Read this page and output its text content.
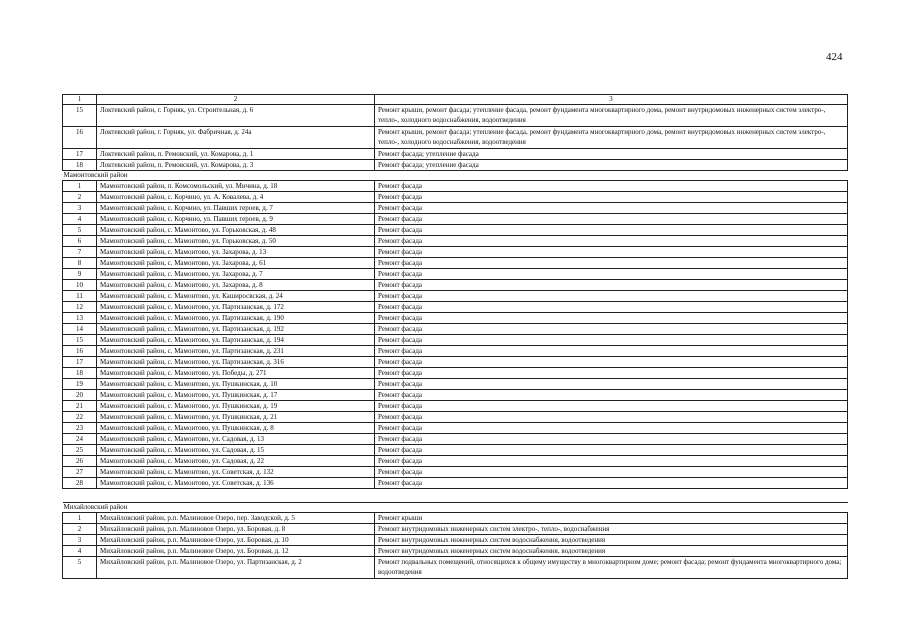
424
1	2	3
15	Локтевский район, г. Горняк, ул. Строительная, д. 6	Ремонт крыши, ремонт фасада; утепление фасада, ремонт фундамента многоквартирного дома, ремонт внутридомовых инженерных систем электро-, тепло-, холодного водоснабжения, водоотведения
16	Локтевский район, г. Горняк, ул. Фабричная, д. 24а	Ремонт крыши, ремонт фасада; утепление фасада, ремонт фундамента многоквартирного дома, ремонт внутридомовых инженерных систем электро-, тепло-, холодного водоснабжения, водоотведения
17	Локтевский район, п. Ремовский, ул. Комарова, д. 1	Ремонт фасада; утепление фасада
18	Локтевский район, п. Ремовский, ул. Комарова, д. 3	Ремонт фасада; утепление фасада
Мамонтовский район		
1	Мамонтовский район, п. Комсомольский, ул. Мичина, д. 18	Ремонт фасада
2	Мамонтовский район, с. Корчино, ул. А. Ковалева, д. 4	Ремонт фасада
3	Мамонтовский район, с. Корчино, ул. Павших героев, д. 7	Ремонт фасада
4	Мамонтовский район, с. Корчино, ул. Павших героев, д. 9	Ремонт фасада
5	Мамонтовский район, с. Мамонтово, ул. Горьковская, д. 48	Ремонт фасада
6	Мамонтовский район, с. Мамонтово, ул. Горьковская, д. 50	Ремонт фасада
7	Мамонтовский район, с. Мамонтово, ул. Захарова, д. 13	Ремонт фасада
8	Мамонтовский район, с. Мамонтово, ул. Захарова, д. 61	Ремонт фасада
9	Мамонтовский район, с. Мамонтово, ул. Захарова, д. 7	Ремонт фасада
10	Мамонтовский район, с. Мамонтово, ул. Захарова, д. 8	Ремонт фасада
11	Мамонтовский район, с. Мамонтово, ул. Каширосвская, д. 24	Ремонт фасада
12	Мамонтовский район, с. Мамонтово, ул. Партизанская, д. 172	Ремонт фасада
13	Мамонтовский район, с. Мамонтово, ул. Партизанская, д. 190	Ремонт фасада
14	Мамонтовский район, с. Мамонтово, ул. Партизанская, д. 192	Ремонт фасада
15	Мамонтовский район, с. Мамонтово, ул. Партизанская, д. 194	Ремонт фасада
16	Мамонтовский район, с. Мамонтово, ул. Партизанская, д. 231	Ремонт фасада
17	Мамонтовский район, с. Мамонтово, ул. Партизанская, д. 316	Ремонт фасада
18	Мамонтовский район, с. Мамонтово, ул. Победы, д. 271	Ремонт фасада
19	Мамонтовский район, с. Мамонтово, ул. Пушкинская, д. 10	Ремонт фасада
20	Мамонтовский район, с. Мамонтово, ул. Пушкинская, д. 17	Ремонт фасада
21	Мамонтовский район, с. Мамонтово, ул. Пушкинская, д. 19	Ремонт фасада
22	Мамонтовский район, с. Мамонтово, ул. Пушкинская, д. 21	Ремонт фасада
23	Мамонтовский район, с. Мамонтово, ул. Пушкинская, д. 8	Ремонт фасада
24	Мамонтовский район, с. Мамонтово, ул. Садовая, д. 13	Ремонт фасада
25	Мамонтовский район, с. Мамонтово, ул. Садовая, д. 15	Ремонт фасада
26	Мамонтовский район, с. Мамонтово, ул. Садовая, д. 22	Ремонт фасада
27	Мамонтовский район, с. Мамонтово, ул. Советская, д. 132	Ремонт фасада
28	Мамонтовский район, с. Мамонтово, ул. Советская, д. 136	Ремонт фасада

Михайловский район		
1	Михайловский район, р.п. Малиновое Озеро, пер. Заводской, д. 5	Ремонт крыши
2	Михайловский район, р.п. Малиновое Озеро, ул. Боровая, д. 8	Ремонт внутридомовых инженерных систем электро-, тепло-, водоснабжения
3	Михайловский район, р.п. Малиновое Озеро, ул. Боровая, д. 10	Ремонт внутридомовых инженерных систем водоснабжения, водоотведения
4	Михайловский район, р.п. Малиновое Озеро, ул. Боровая, д. 12	Ремонт внутридомовых инженерных систем водоснабжения, водоотведения
5	Михайловский район, р.п. Малиновое Озеро, ул. Партизанская, д. 2	Ремонт подвальных помещений, относящихся к общему имуществу в многоквартирном доме; ремонт фасада; ремонт фундамента многоквартирного дома; водоотведения
